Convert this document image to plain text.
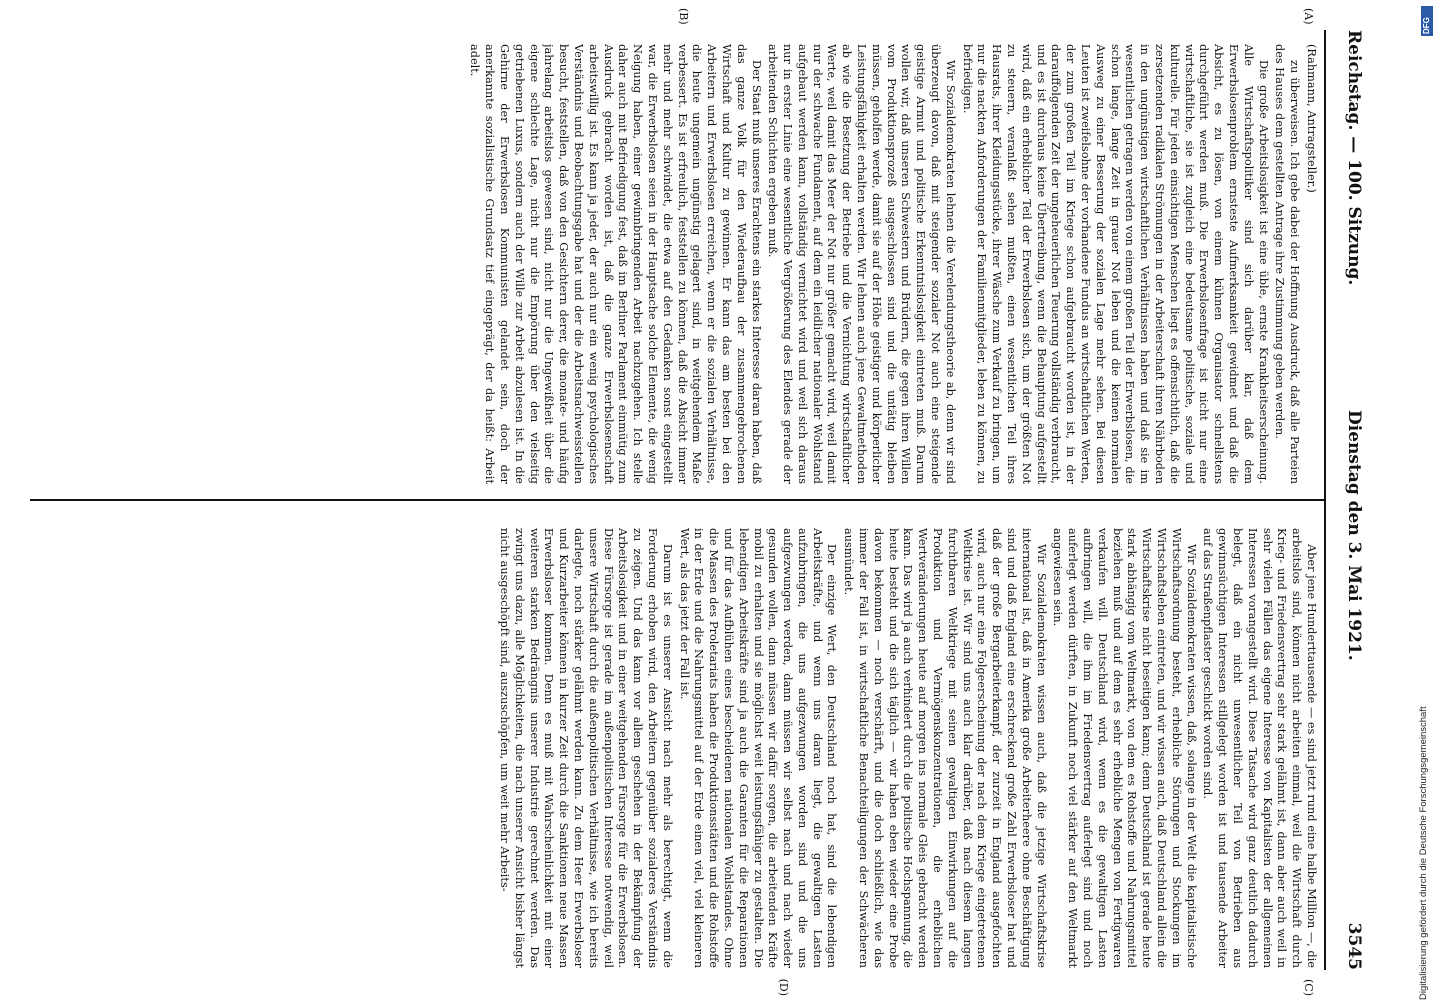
Reichstag. — 100. Sitzung.
Dienstag den 3. Mai 1921.
3545
(A)
(B)
(C)
(D)

(Rahmann, Antragsteller.)

zu überweisen. Ich gebe dabei der Hoffnung Ausdruck, daß alle Parteien des Hauses dem gestellten Antrage ihre Zustimmung geben werden.

Die große Arbeitslosigkeit ist eine üble, ernste Krankheitserscheinung. Alle Wirtschaftspolitiker sind sich darüber klar, daß dem Erwerbslosenproblem ernsteste Aufmerksamkeit gewidmet und daß die Absicht, es zu lösen, von einem kühnen Organisator schnellstens durchgeführt werden muß. Die Erwerbslosenfrage ist nicht nur eine wirtschaftliche, sie ist zugleich eine bedeutsame politische, soziale und kulturelle. Für jeden einsichtigen Menschen liegt es offensichtlich, daß die zersetzenden radikalen Strömungen in der Arbeiterschaft ihren Nährboden in den ungünstigen wirtschaftlichen Verhältnissen haben und daß sie im wesentlichen getragen werden von einem großen Teil der Erwerbslosen, die schon lange, lange Zeit in grauer Not leben und die keinen normalen Ausweg zu einer Besserung der sozialen Lage mehr sehen. Bei diesen Leuten ist zweifelsohne der vorhandene Fundus an wirtschaftlichen Werten, der zum großen Teil im Kriege schon aufgebraucht worden ist, in der darauffolgenden Zeit der ungeheuerlichen Teuerung vollständig verbraucht, und es ist durchaus keine Übertreibung, wenn die Behauptung aufgestellt wird, daß ein erheblicher Teil der Erwerbslosen sich, um der größten Not zu steuern, veranlaßt sehen mußten, einen wesentlichen Teil ihres Hausrats, ihrer Kleidungsstücke, ihrer Wäsche zum Verkauf zu bringen, um nur die nackten Anforderungen der Familienmitglieder, leben zu können, zu befriedigen.

Wir Sozialdemokraten lehnen die Verelendungstheorie ab, denn wir sind überzeugt davon, daß mit steigender sozialer Not auch eine steigende geistige Armut und politische Erkenntnislosigkeit eintreten muß. Darum wollen wir, daß unseren Schwestern und Brüdern, die gegen ihren Willen vom Produktionsprozeß ausgeschlossen sind und die untätig bleiben müssen, geholfen werde, damit sie auf der Höhe geistiger und körperlicher Leistungsfähigkeit erhalten werden. Wir lehnen auch jene Gewaltmethoden ab wie die Besetzung der Betriebe und die Vernichtung wirtschaftlicher Werte, weil damit das Meer der Not nur größer gemacht wird, weil damit nur der schwache Fundament, auf dem ein leidlicher nationaler Wohlstand aufgebaut werden kann, vollständig vernichtet wird und weil sich daraus nur in erster Linie eine wesentliche Vergrößerung des Elendes gerade der arbeitenden Schichten ergeben muß.

Der Staat muß unseres Erachtens ein starkes Interesse daran haben, daß das ganze Volk für den Wiederaufbau der zusammengebrochenen Wirtschaft und Kultur zu gewinnen. Er kann das am besten bei den Arbeitern und Erwerbslosen erreichen, wenn er die sozialen Verhältnisse, die heute ungemein ungünstig gelagert sind, in weitgehendem Maße verbessert. Es ist erfreulich, feststellen zu können, daß die Absicht immer mehr und mehr schwindet, die etwa auf den Gedanken sonst eingestellt war, die Erwerbslosen seien in der Hauptsache solche Elemente, die wenig Neigung haben, einer gewinnbringenden Arbeit nachzugehen. Ich stelle daher auch mit Befriedigung fest, daß im Berliner Parlament einmütig zum Ausdruck gebracht worden ist, daß die ganze Erwerbslosenschaft arbeitswillig ist. Es kann ja jeder, der auch nur ein wenig psychologisches Verständnis und Beobachtungsgabe hat und der die Arbeitsnachweisstellen besucht, feststellen, daß von den Gesichtern derer, die monate- und häufig jahrelang arbeitslos gewesen sind, nicht nur die Ungewißheit über die eigene schlechte Lage, nicht nur die Empörung über den vielseitig getriebenen Luxus, sondern auch der Wille zur Arbeit abzulesen ist. In die Gehirne der Erwerbslosen Kommunisten gelandet sein, doch der anerkannte sozialistische Grundsatz tief eingeprägt, der da heißt: Arbeit adelt.

Aber jene Hunderttausende — es sind jetzt rund eine halbe Million —, die arbeitslos sind, können nicht arbeiten einmal, weil die Wirtschaft durch Krieg- und Friedensvertrag sehr stark gelähmt ist, dann aber auch weil in sehr vielen Fällen das eigene Interesse von Kapitalisten der allgemeinen Interessen vorangestellt wird. Diese Tatsache wird ganz deutlich dadurch belegt, daß ein nicht unwesentlicher Teil von Betrieben aus gewinnsüchtigen Interessen stillgelegt worden ist und tausende Arbeiter auf das Straßenpflaster geschickt worden sind.

Wir Sozialdemokraten wissen, daß, solange in der Welt die kapitalistische Wirtschaftsordnung besteht, erhebliche Störungen und Stockungen im Wirtschaftsleben eintreten, und wir wissen auch, daß Deutschland allein die Wirtschaftskrise nicht beseitigen kann; denn Deutschland ist gerade heute stark abhängig vom Weltmarkt, von dem es Rohstoffe und Nahrungsmittel beziehen muß und auf dem es sehr erhebliche Mengen von Fertigwaren verkaufen will. Deutschland wird, wenn es die gewaltigen Lasten aufbringen will, die ihm im Friedensvertrag auferlegt sind und noch auferlegt werden dürften, in Zukunft noch viel stärker auf den Weltmarkt angewiesen sein.

Wir Sozialdemokraten wissen auch, daß die jetzige Wirtschaftskrise international ist, daß in Amerika große Arbeiterheere ohne Beschäftigung sind und daß England eine erschreckend große Zahl Erwerbsloser hat und daß der große Bergarbeiterkampf, der zurzeit in England ausgefochten wird, auch nur eine Folgeerscheinung der nach dem Kriege eingetretenen Weltkrise ist. Wir sind uns auch klar darüber, daß nach diesem langen furchtbaren Weltkriege mit seinen gewaltigen Einwirkungen auf die Produktion und Vermögenskonzentrationen, die erheblichen Wertveränderungen heute auf morgen ins normale Gleis gebracht werden kann. Das wird ja auch verhindert durch die politische Hochspannung, die heute besteht und die sich täglich — wir haben eben wieder eine Probe davon bekommen — noch verschärft, und die doch schließlich, wie das immer der Fall ist, in wirtschaftliche Benachteiligungen der Schwächeren ausmündet.

Der einzige Wert, den Deutschland noch hat, sind die lebendigen Arbeitskräfte, und wenn uns daran liegt, die gewaltigen Lasten aufzubringen, die uns aufgezwungen worden sind und die uns aufgezwungen werden, dann müssen wir selbst nach und nach wieder gesunden wollen, dann müssen wir dafür sorgen, die arbeitenden Kräfte mobil zu erhalten und sie möglichst weit leistungsfähiger zu gestalten. Die lebendigen Arbeitskräfte sind ja auch die Garanten für die Reparationen und für das Aufblühen eines bescheidenen nationalen Wohlstandes. Ohne die Massen des Proletariats haben die Produktionsstätten und die Rohstoffe in der Erde und die Nahrungsmittel auf der Erde einen viel, viel kleineren Wert, als das jetzt der Fall ist.

Darum ist es unserer Ansicht nach mehr als berechtigt, wenn die Forderung erhoben wird, den Arbeitern gegenüber sozialeres Verständnis zu zeigen. Und das kann vor allem geschehen in der Bekämpfung der Arbeitslosigkeit und in einer weitgehenden Fürsorge für die Erwerbslosen. Diese Fürsorge ist gerade im außenpolitischen Interesse notwendig, weil unsere Wirtschaft durch die außenpolitischen Verhältnisse, wie ich bereits darlegte, noch stärker gelähmt werden kann. Zu dem Heer Erwerbsloser und Kurzarbeiter können in kurzer Zeit durch die Sanktionen neue Massen Erwerbsloser kommen. Denn es muß mit Wahrscheinlichkeit mit einer weiteren starken Bedrängnis unserer Industrie gerechnet werden. Das zwingt uns dazu, alle Möglichkeiten, die nach unserer Ansicht bisher längst nicht ausgeschöpft sind, auszuschöpfen, um weit mehr Arbeits-	Digitalisierung gefördert durch die Deutsche Forschungsgemeinschaft
DFG
